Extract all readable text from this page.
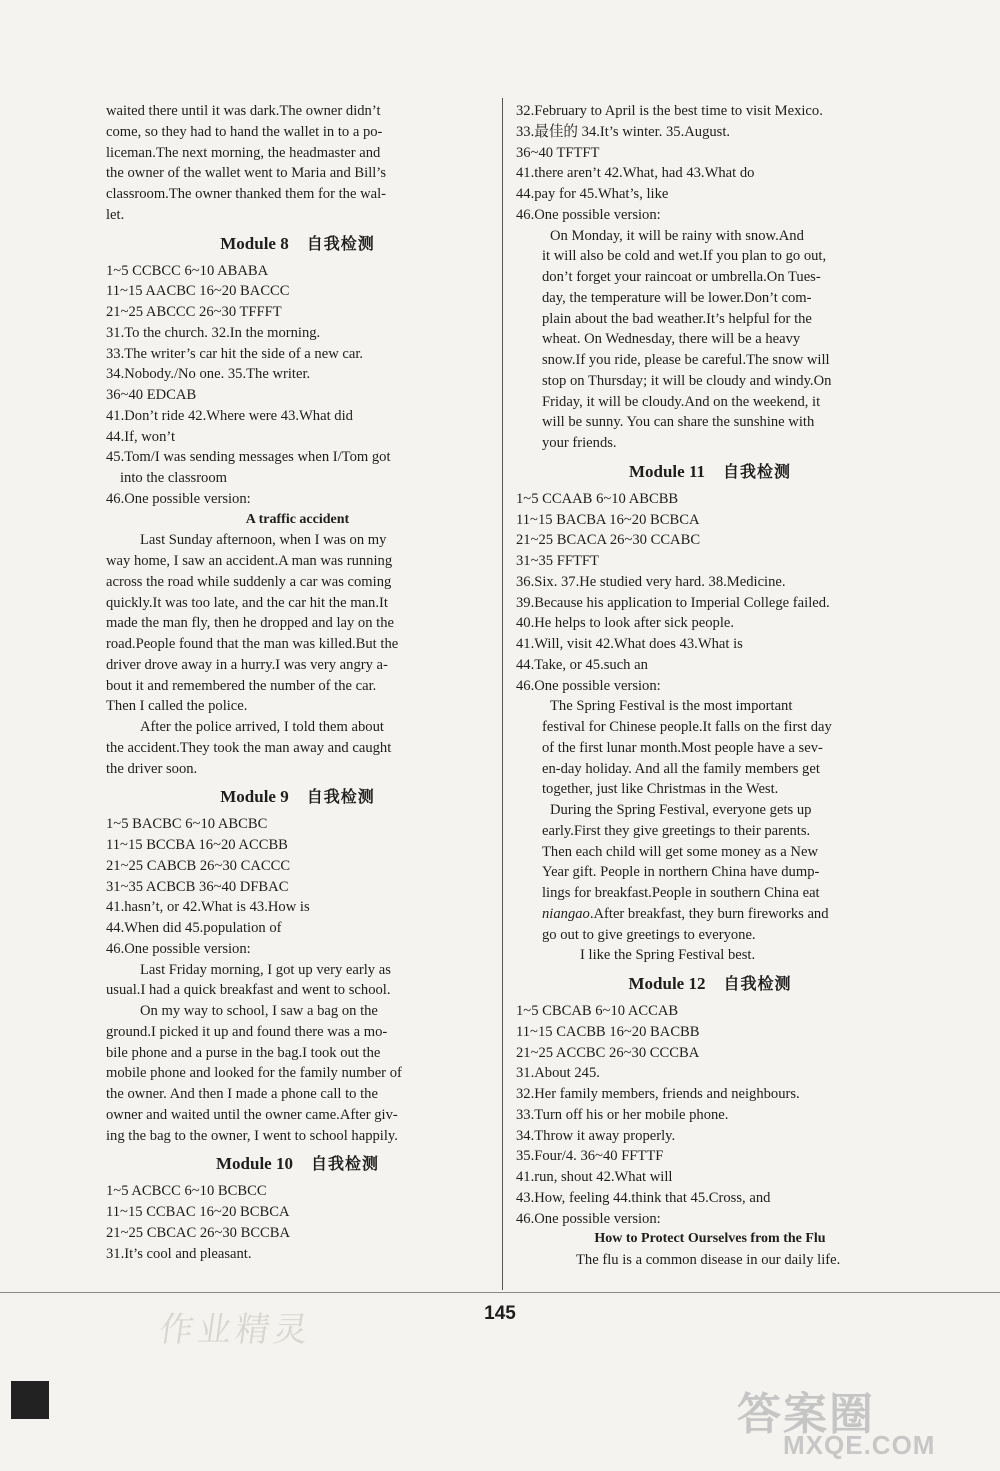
waited there until it was dark.The owner didn’t
come, so they had to hand the wallet in to a po-
liceman.The next morning, the headmaster and
the owner of the wallet went to Maria and Bill’s
classroom.The owner thanked them for the wal-
let.
Module 8 自我检测
1~5 CCBCC 6~10 ABABA
11~15 AACBC 16~20 BACCC
21~25 ABCCC 26~30 TFFFT
31.To the church. 32.In the morning.
33.The writer’s car hit the side of a new car.
34.Nobody./No one. 35.The writer.
36~40 EDCAB
41.Don’t ride 42.Where were 43.What did
44.If, won’t
45.Tom/I was sending messages when I/Tom got
into the classroom
46.One possible version:
A traffic accident
Last Sunday afternoon, when I was on my
way home, I saw an accident.A man was running
across the road while suddenly a car was coming
quickly.It was too late, and the car hit the man.It
made the man fly, then he dropped and lay on the
road.People found that the man was killed.But the
driver drove away in a hurry.I was very angry a-
bout it and remembered the number of the car.
Then I called the police.
After the police arrived, I told them about
the accident.They took the man away and caught
the driver soon.
Module 9 自我检测
1~5 BACBC 6~10 ABCBC
11~15 BCCBA 16~20 ACCBB
21~25 CABCB 26~30 CACCC
31~35 ACBCB 36~40 DFBAC
41.hasn’t, or 42.What is 43.How is
44.When did 45.population of
46.One possible version:
Last Friday morning, I got up very early as
usual.I had a quick breakfast and went to school.
On my way to school, I saw a bag on the
ground.I picked it up and found there was a mo-
bile phone and a purse in the bag.I took out the
mobile phone and looked for the family number of
the owner. And then I made a phone call to the
owner and waited until the owner came.After giv-
ing the bag to the owner, I went to school happily.
Module 10 自我检测
1~5 ACBCC 6~10 BCBCC
11~15 CCBAC 16~20 BCBCA
21~25 CBCAC 26~30 BCCBA
31.It’s cool and pleasant.
32.February to April is the best time to visit Mexico.
33.最佳的 34.It’s winter. 35.August.
36~40 TFTFT
41.there aren’t 42.What, had 43.What do
44.pay for 45.What’s, like
46.One possible version:
On Monday, it will be rainy with snow.And
it will also be cold and wet.If you plan to go out,
don’t forget your raincoat or umbrella.On Tues-
day, the temperature will be lower.Don’t com-
plain about the bad weather.It’s helpful for the
wheat. On Wednesday, there will be a heavy
snow.If you ride, please be careful.The snow will
stop on Thursday; it will be cloudy and windy.On
Friday, it will be cloudy.And on the weekend, it
will be sunny. You can share the sunshine with
your friends.
Module 11 自我检测
1~5 CCAAB 6~10 ABCBB
11~15 BACBA 16~20 BCBCA
21~25 BCACA 26~30 CCABC
31~35 FFTFT
36.Six. 37.He studied very hard. 38.Medicine.
39.Because his application to Imperial College failed.
40.He helps to look after sick people.
41.Will, visit 42.What does 43.What is
44.Take, or 45.such an
46.One possible version:
The Spring Festival is the most important
festival for Chinese people.It falls on the first day
of the first lunar month.Most people have a sev-
en-day holiday. And all the family members get
together, just like Christmas in the West.
During the Spring Festival, everyone gets up
early.First they give greetings to their parents.
Then each child will get some money as a New
Year gift. People in northern China have dump-
lings for breakfast.People in southern China eat
niangao.After breakfast, they burn fireworks and
go out to give greetings to everyone.
I like the Spring Festival best.
Module 12 自我检测
1~5 CBCAB 6~10 ACCAB
11~15 CACBB 16~20 BACBB
21~25 ACCBC 26~30 CCCBA
31.About 245.
32.Her family members, friends and neighbours.
33.Turn off his or her mobile phone.
34.Throw it away properly.
35.Four/4. 36~40 FFTTF
41.run, shout 42.What will
43.How, feeling 44.think that 45.Cross, and
46.One possible version:
How to Protect Ourselves from the Flu
The flu is a common disease in our daily life.
作业精灵	145
答案圈
MXQE.COM
